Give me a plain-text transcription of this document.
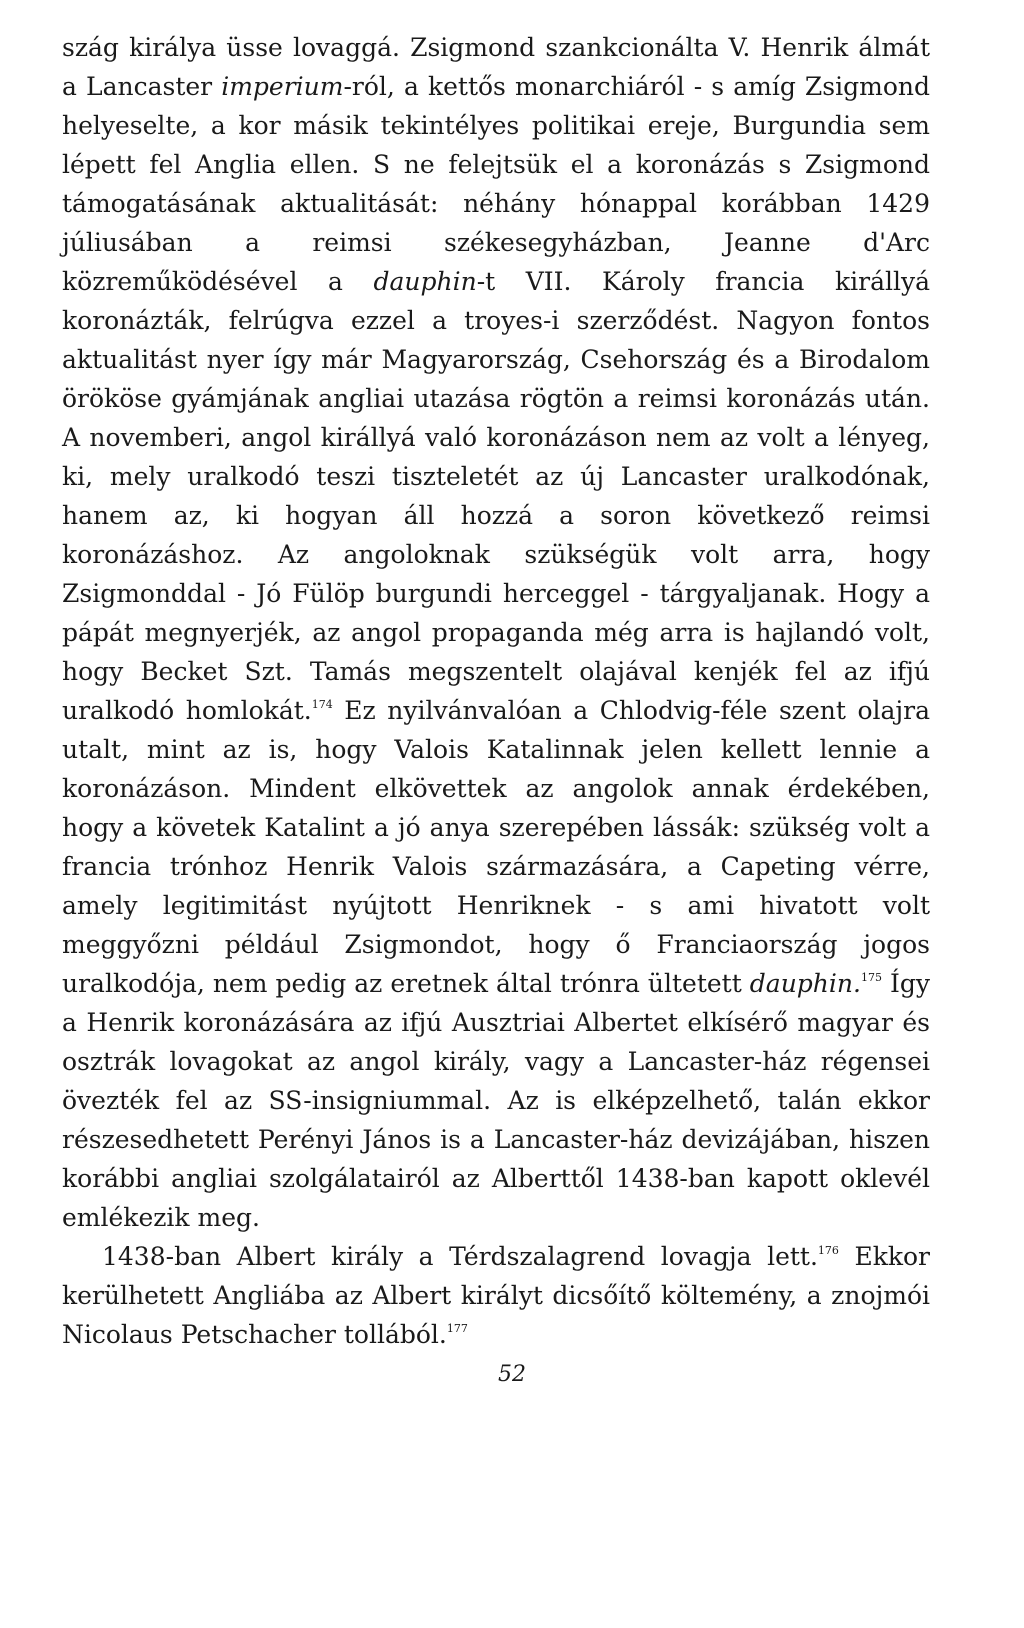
szág királya üsse lovaggá. Zsigmond szankcionálta V. Henrik álmát a Lancaster imperium-ról, a kettős monarchiáról - s amíg Zsigmond helyeselte, a kor másik tekintélyes politikai ereje, Burgundia sem lépett fel Anglia ellen. S ne felejtsük el a koronázás s Zsigmond támogatásának aktualitását: néhány hónappal korábban 1429 júliusában a reimsi székesegyházban, Jeanne d'Arc közreműködésével a dauphin-t VII. Károly francia királlyá koronázták, felrúgva ezzel a troyes-i szerződést. Nagyon fontos aktualitást nyer így már Magyarország, Csehország és a Birodalom örököse gyámjának angliai utazása rögtön a reimsi koronázás után. A novemberi, angol királlyá való koronázáson nem az volt a lényeg, ki, mely uralkodó teszi tiszteletét az új Lancaster uralkodónak, hanem az, ki hogyan áll hozzá a soron következő reimsi koronázáshoz. Az angoloknak szükségük volt arra, hogy Zsigmonddal - Jó Fülöp burgundi herceggel - tárgyaljanak. Hogy a pápát megnyerjék, az angol propaganda még arra is hajlandó volt, hogy Becket Szt. Tamás megszentelt olajával kenjék fel az ifjú uralkodó homlokát.$^{174}$ Ez nyilvánvalóan a Chlodvig-féle szent olajra utalt, mint az is, hogy Valois Katalinnak jelen kellett lennie a koronázáson. Mindent elkövettek az angolok annak érdekében, hogy a követek Katalint a jó anya szerepében lássák: szükség volt a francia trónhoz Henrik Valois származására, a Capeting vérre, amely legitimitást nyújtott Henriknek - s ami hivatott volt meggyőzni például Zsigmondot, hogy ő Franciaország jogos uralkodója, nem pedig az eretnek által trónra ültetett dauphin.$^{175}$ Így a Henrik koronázására az ifjú Ausztriai Albertet elkísérő magyar és osztrák lovagokat az angol király, vagy a Lancaster-ház régensei övezték fel az SS-insigniummal. Az is elképzelhető, talán ekkor részesedhetett Perényi János is a Lancaster-ház devizájában, hiszen korábbi angliai szolgálatairól az Alberttől 1438-ban kapott oklevél emlékezik meg.

1438-ban Albert király a Térdszalagrend lovagja lett.$^{176}$ Ekkor kerülhetett Angliába az Albert királyt dicsőítő költemény, a znojmói Nicolaus Petschacher tollából.$^{177}$

52
